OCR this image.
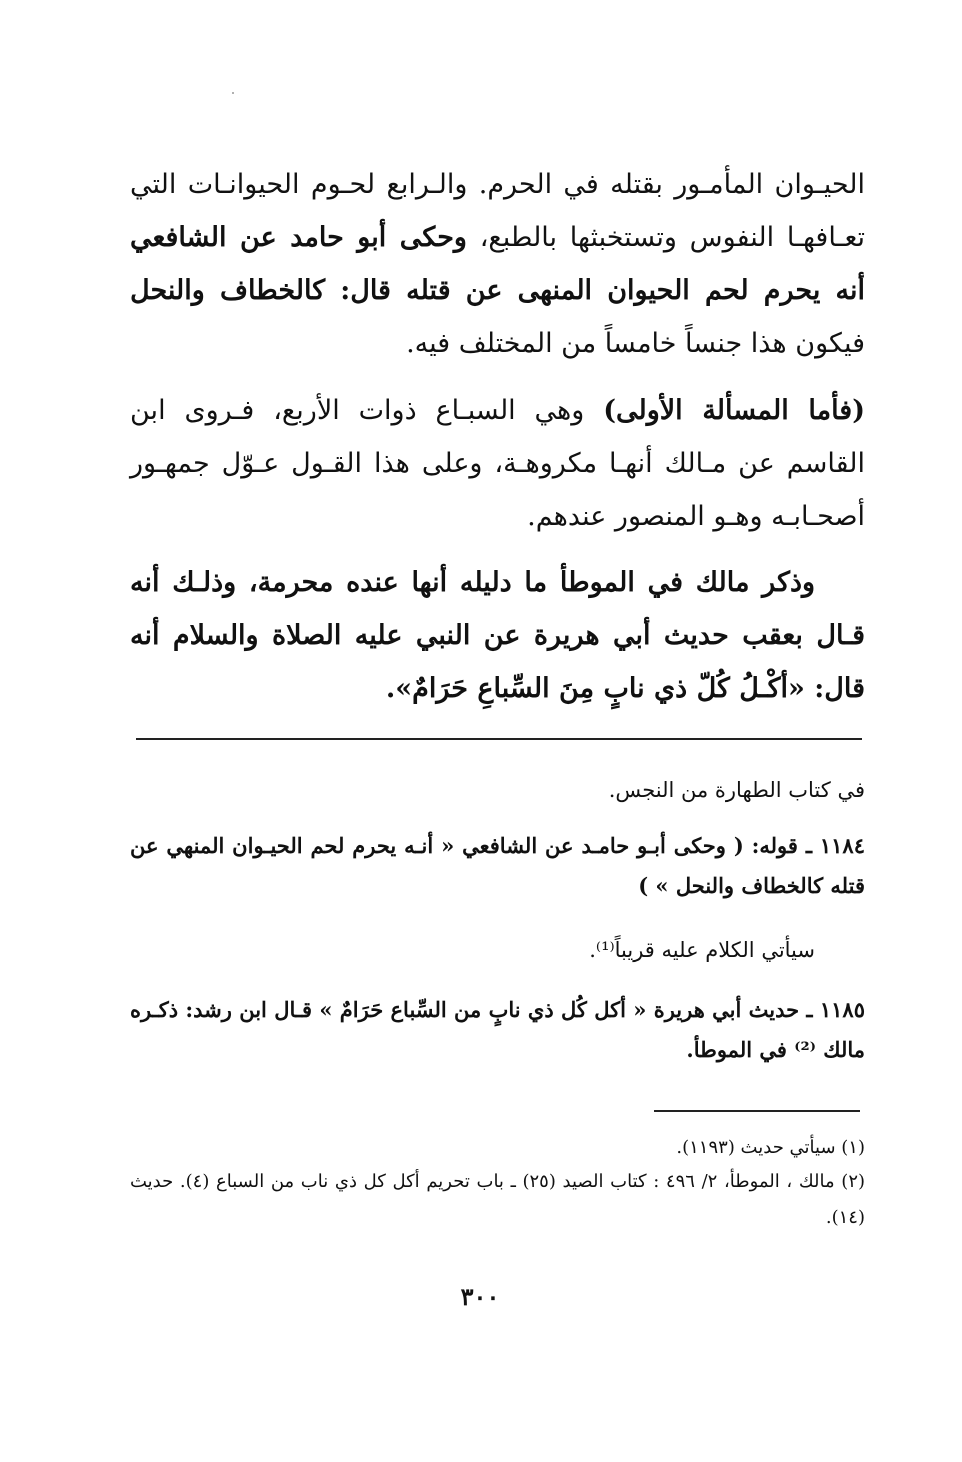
الحيـوان المأمـور بقتله في الحرم. والـرابع لحـوم الحيوانـات التي تعـافهـا النفوس وتستخبثها بالطبع، وحكى أبو حامد عن الشافعي أنه يحرم لحم الحيوان المنهى عن قتله قال: كالخطاف والنحل فيكون هذا جنساً خامساً من المختلف فيه.

(فأما المسألة الأولى) وهي السبـاع ذوات الأربع، فـروى ابن القاسم عن مـالك أنهـا مكروهـة، وعلى هذا القـول عـوّل جمهـور أصحـابـه وهـو المنصور عندهم.

وذكر مالك في الموطأ ما دليله أنها عنده محرمة، وذلـك أنه قـال بعقب حديث أبي هريرة عن النبي عليه الصلاة والسلام أنه قال: «أكْـلُ كُلّ ذي نابٍ مِنَ السِّباعِ حَرَامٌ».

في كتاب الطهارة من النجس.

١١٨٤ ـ قوله: ( وحكى أبـو حامـد عن الشافعي « أنـه يحرم لحم الحيـوان المنهي عن قتله كالخطاف والنحل » )

سيأتي الكلام عليه قريباً⁽¹⁾.

١١٨٥ ـ حديث أبي هريرة « أكل كُل ذي نابٍ من السِّباع حَرَامٌ » قـال ابن رشد: ذكـره مالك ⁽²⁾ في الموطأ.

(١) سيأتي حديث (١١٩٣).

(٢) مالك ، الموطأ، ٢/ ٤٩٦ : كتاب الصيد (٢٥) ـ باب تحريم أكل كل ذي ناب من السباع (٤). حديث (١٤).

٣٠٠
